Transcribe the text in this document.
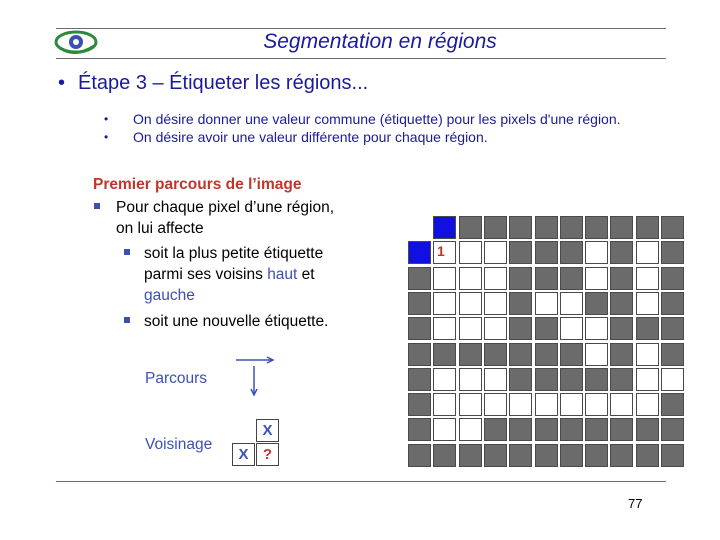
Segmentation en régions
• Étape 3 – Étiqueter les régions...
• On désire donner une valeur commune (étiquette) pour les pixels d'une région.
• On désire avoir une valeur différente pour chaque région.
Premier parcours de l’image
Pour chaque pixel d’une région,
on lui affecte
soit la plus petite étiquette
parmi ses voisins haut et
gauche
soit une nouvelle étiquette.
Parcours
Voisinage
X
X ?
1
77
